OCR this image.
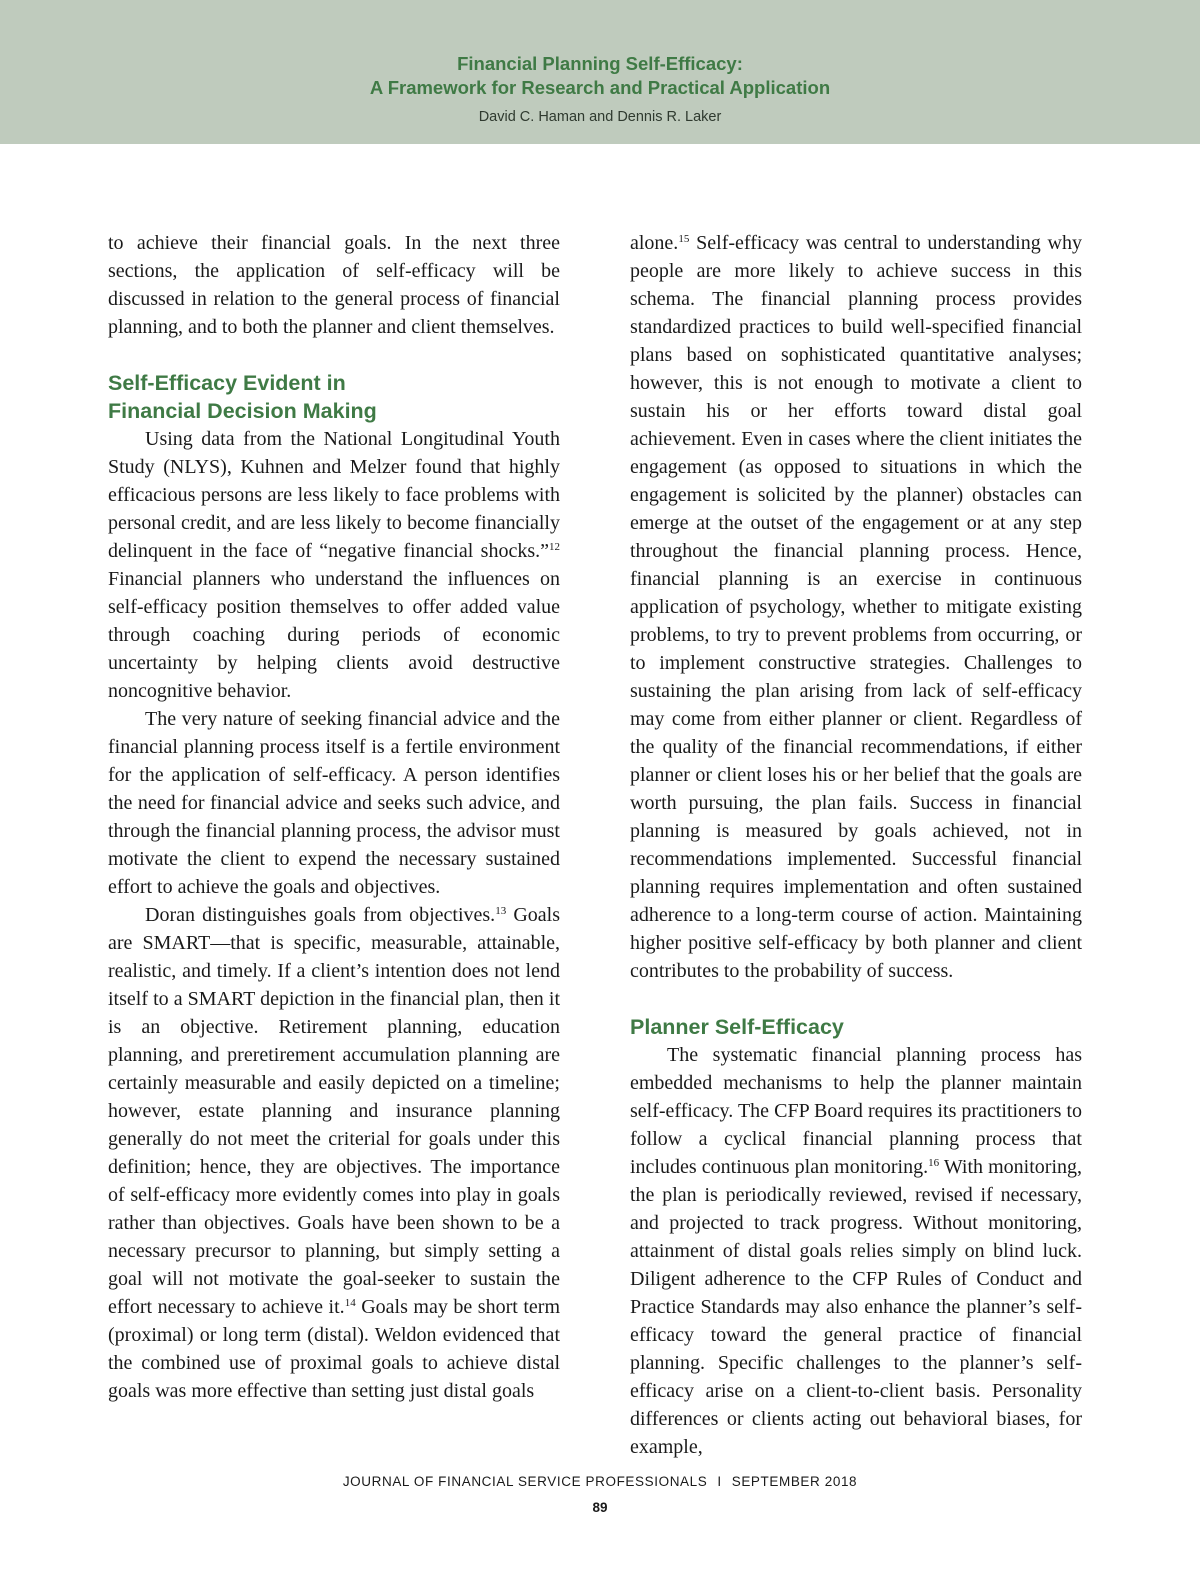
Financial Planning Self-Efficacy:
A Framework for Research and Practical Application

David C. Haman and Dennis R. Laker

to achieve their financial goals. In the next three sections, the application of self-efficacy will be discussed in relation to the general process of financial planning, and to both the planner and client themselves.

Self-Efficacy Evident in
Financial Decision Making

Using data from the National Longitudinal Youth Study (NLYS), Kuhnen and Melzer found that highly efficacious persons are less likely to face problems with personal credit, and are less likely to become financially delinquent in the face of “negative financial shocks.”$^{12}$ Financial planners who understand the influences on self-efficacy position themselves to offer added value through coaching during periods of economic uncertainty by helping clients avoid destructive noncognitive behavior.

The very nature of seeking financial advice and the financial planning process itself is a fertile environment for the application of self-efficacy. A person identifies the need for financial advice and seeks such advice, and through the financial planning process, the advisor must motivate the client to expend the necessary sustained effort to achieve the goals and objectives.

Doran distinguishes goals from objectives.$^{13}$ Goals are SMART—that is specific, measurable, attainable, realistic, and timely. If a client’s intention does not lend itself to a SMART depiction in the financial plan, then it is an objective. Retirement planning, education planning, and preretirement accumulation planning are certainly measurable and easily depicted on a timeline; however, estate planning and insurance planning generally do not meet the criterial for goals under this definition; hence, they are objectives. The importance of self-efficacy more evidently comes into play in goals rather than objectives. Goals have been shown to be a necessary precursor to planning, but simply setting a goal will not motivate the goal-seeker to sustain the effort necessary to achieve it.$^{14}$ Goals may be short term (proximal) or long term (distal). Weldon evidenced that the combined use of proximal goals to achieve distal goals was more effective than setting just distal goals

alone.$^{15}$ Self-efficacy was central to understanding why people are more likely to achieve success in this schema. The financial planning process provides standardized practices to build well-specified financial plans based on sophisticated quantitative analyses; however, this is not enough to motivate a client to sustain his or her efforts toward distal goal achievement. Even in cases where the client initiates the engagement (as opposed to situations in which the engagement is solicited by the planner) obstacles can emerge at the outset of the engagement or at any step throughout the financial planning process. Hence, financial planning is an exercise in continuous application of psychology, whether to mitigate existing problems, to try to prevent problems from occurring, or to implement constructive strategies. Challenges to sustaining the plan arising from lack of self-efficacy may come from either planner or client. Regardless of the quality of the financial recommendations, if either planner or client loses his or her belief that the goals are worth pursuing, the plan fails. Success in financial planning is measured by goals achieved, not in recommendations implemented. Successful financial planning requires implementation and often sustained adherence to a long-term course of action. Maintaining higher positive self-efficacy by both planner and client contributes to the probability of success.

Planner Self-Efficacy

The systematic financial planning process has embedded mechanisms to help the planner maintain self-efficacy. The CFP Board requires its practitioners to follow a cyclical financial planning process that includes continuous plan monitoring.$^{16}$ With monitoring, the plan is periodically reviewed, revised if necessary, and projected to track progress. Without monitoring, attainment of distal goals relies simply on blind luck. Diligent adherence to the CFP Rules of Conduct and Practice Standards may also enhance the planner’s self-efficacy toward the general practice of financial planning. Specific challenges to the planner’s self-efficacy arise on a client-to-client basis. Personality differences or clients acting out behavioral biases, for example,

JOURNAL OF FINANCIAL SERVICE PROFESSIONALS I SEPTEMBER 2018
89
